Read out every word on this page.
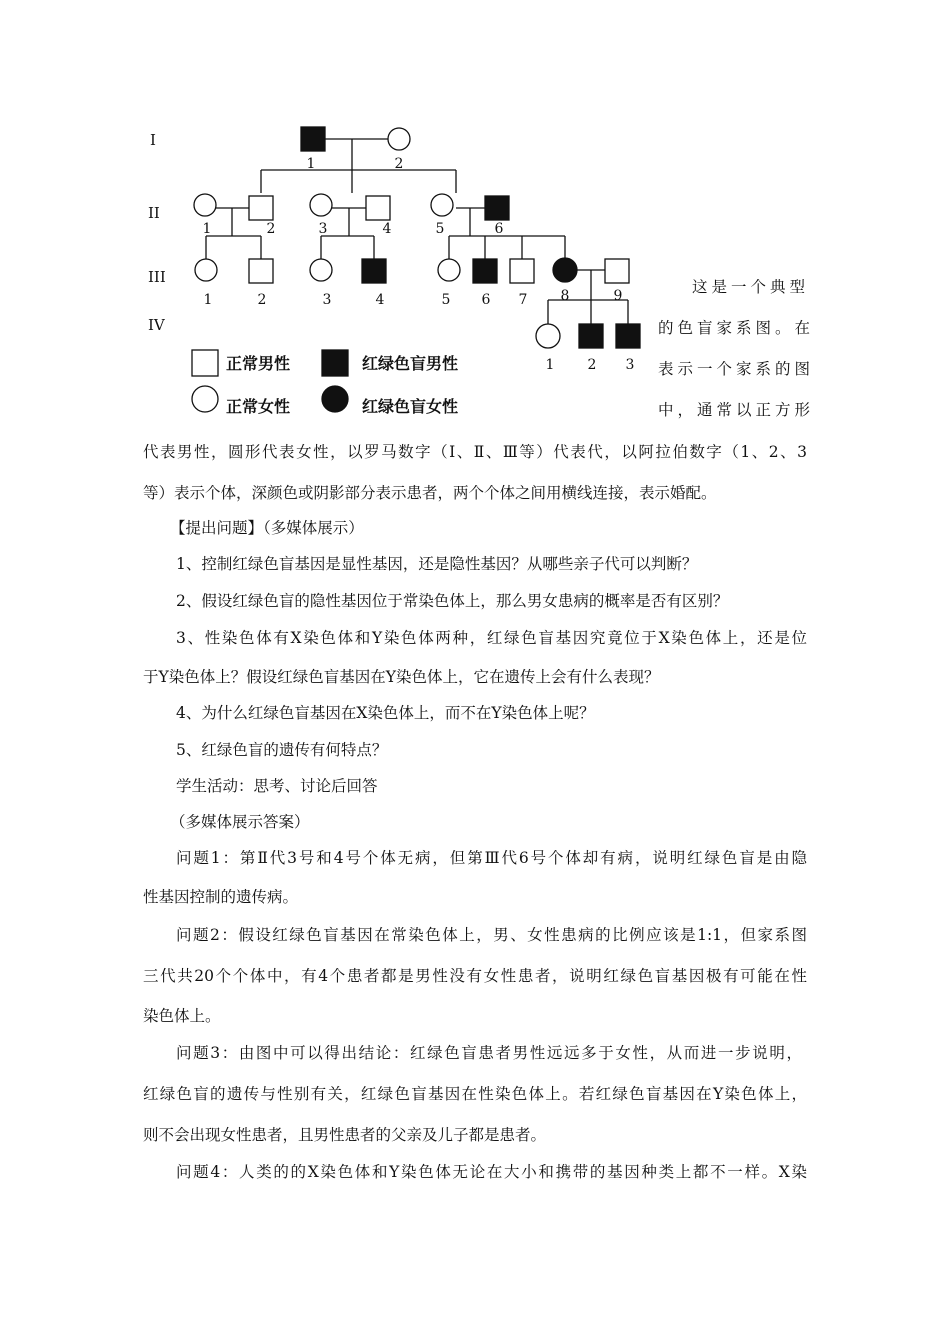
I
II
III
IV
1	2
1	2	3	4	5	6
1	2	3	4	5 6 7 8	9
1 2 3
正常男性	红绿色盲男性
正常女性	红绿色盲女性
这是一个典型
的色盲家系图。在
表示一个家系的图
中，通常以正方形
代表男性，圆形代表女性，以罗马数字（Ⅰ、Ⅱ、Ⅲ等）代表代，以阿拉伯数字（1、2、3
等）表示个体，深颜色或阴影部分表示患者，两个个体之间用横线连接，表示婚配。
【提出问题】（多媒体展示）
1、控制红绿色盲基因是显性基因，还是隐性基因？从哪些亲子代可以判断？
2、假设红绿色盲的隐性基因位于常染色体上，那么男女患病的概率是否有区别？
3、性染色体有X染色体和Y染色体两种，红绿色盲基因究竟位于X染色体上，还是位
于Y染色体上？假设红绿色盲基因在Y染色体上，它在遗传上会有什么表现？
4、为什么红绿色盲基因在X染色体上，而不在Y染色体上呢？
5、红绿色盲的遗传有何特点？
学生活动：思考、讨论后回答
（多媒体展示答案）
问题1：第Ⅱ代3号和4号个体无病，但第Ⅲ代6号个体却有病，说明红绿色盲是由隐
性基因控制的遗传病。
问题2：假设红绿色盲基因在常染色体上，男、女性患病的比例应该是1:1，但家系图
三代共20个个体中，有4个患者都是男性没有女性患者，说明红绿色盲基因极有可能在性
染色体上。
问题3：由图中可以得出结论：红绿色盲患者男性远远多于女性，从而进一步说明，
红绿色盲的遗传与性别有关，红绿色盲基因在性染色体上。若红绿色盲基因在Y染色体上，
则不会出现女性患者，且男性患者的父亲及儿子都是患者。
问题4：人类的的X染色体和Y染色体无论在大小和携带的基因种类上都不一样。X染
